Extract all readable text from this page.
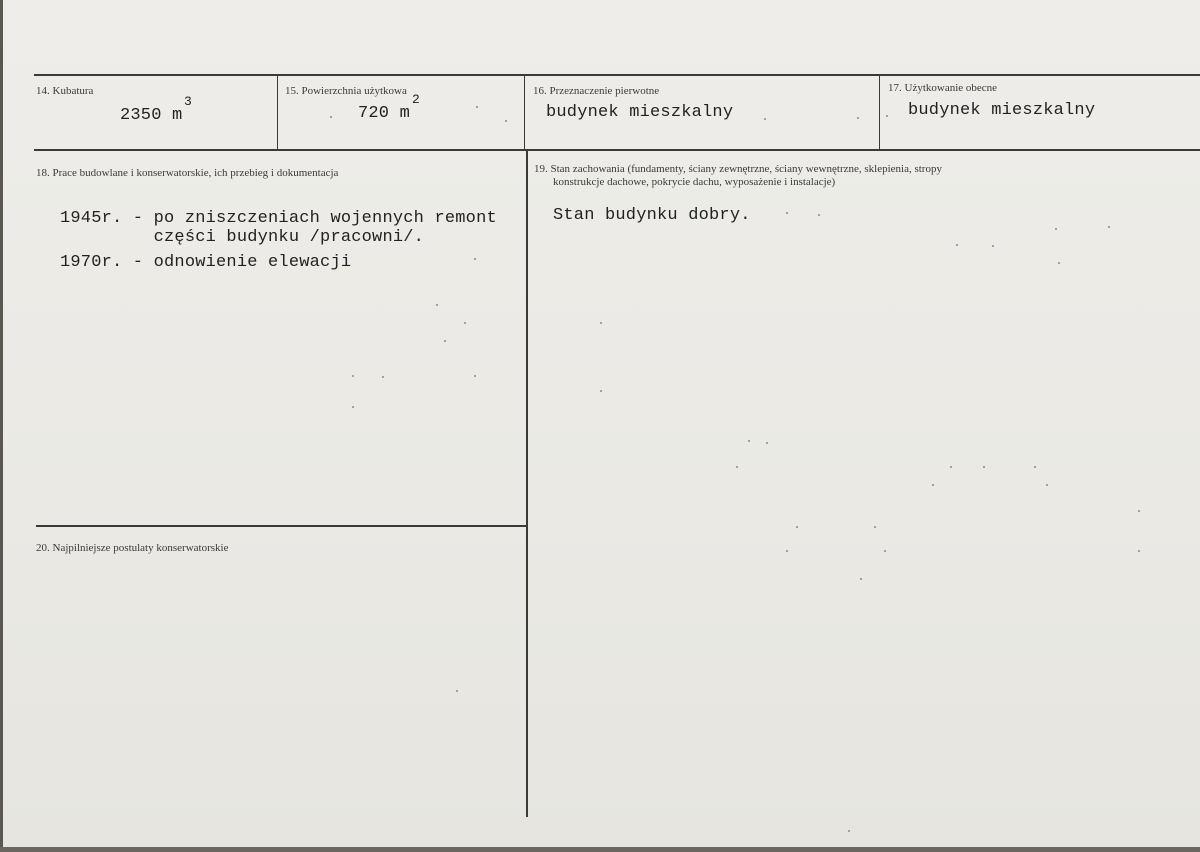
14. Kubatura
2350 m
3
15. Powierzchnia użytkowa
720 m
2
16. Przeznaczenie pierwotne
budynek mieszkalny
17. Użytkowanie obecne
budynek mieszkalny
18. Prace budowlane i konserwatorskie, ich przebieg i dokumentacja
1945r. - po zniszczeniach wojennych remont
części budynku /pracowni/.
1970r. - odnowienie elewacji
19. Stan zachowania (fundamenty, ściany zewnętrzne, ściany wewnętrzne, sklepienia, stropy
konstrukcje dachowe, pokrycie dachu, wyposażenie i instalacje)
Stan budynku dobry.
20. Najpilniejsze postulaty konserwatorskie
